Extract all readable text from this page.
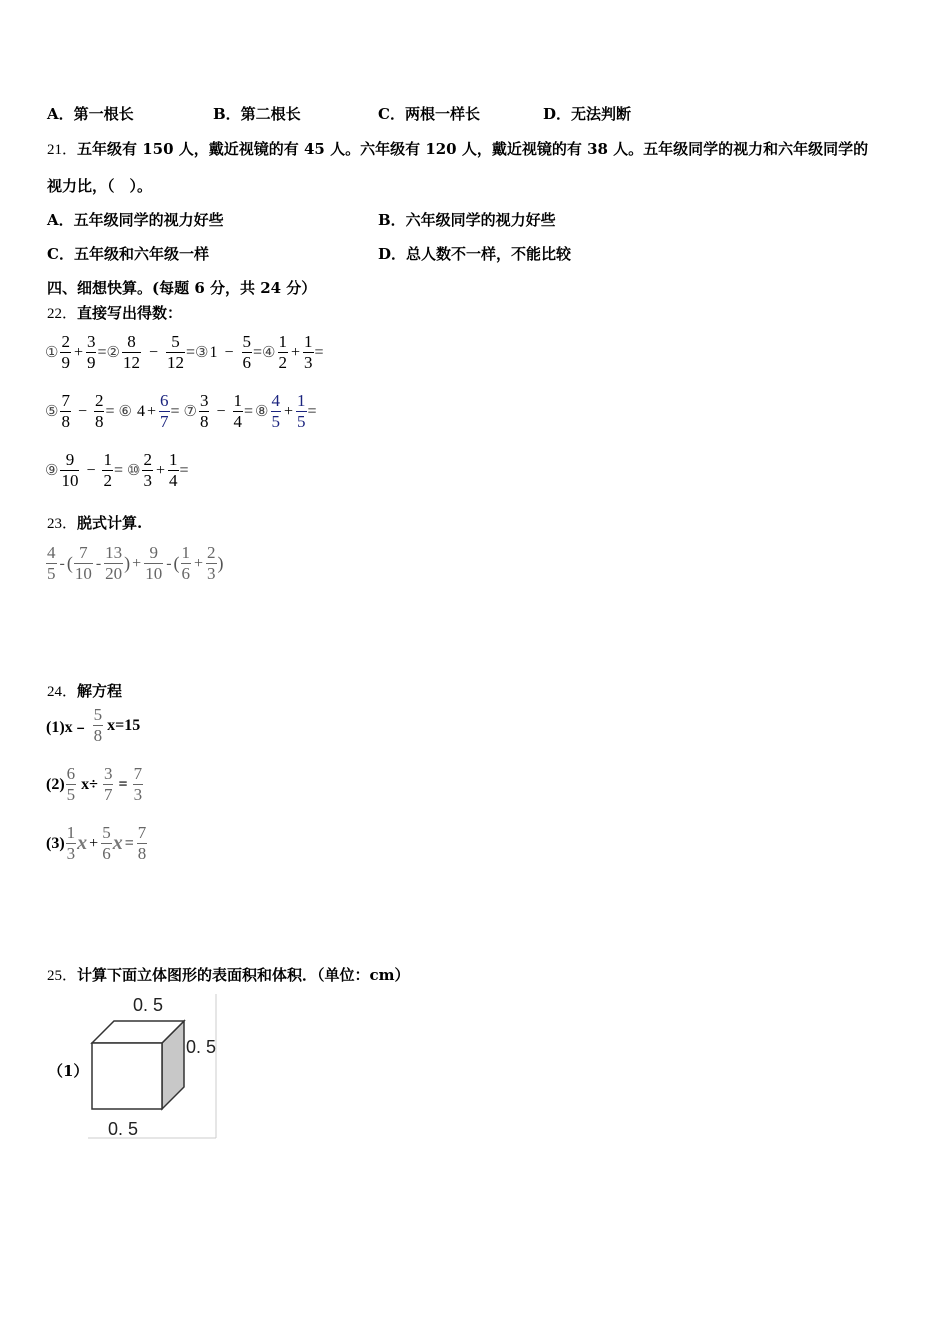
A．第一根长	B．第二根长	C．两根一样长	D．无法判断
21．五年级有 150 人，戴近视镜的有 45 人。六年级有 120 人，戴近视镜的有 38 人。五年级同学的视力和六年级同学的
视力比，（　）。
A．五年级同学的视力好些	B．六年级同学的视力好些
C．五年级和六年级一样	D．总人数不一样，不能比较
四、细想快算。(每题 6 分，共 24 分）
22．直接写出得数：
① $\frac{2}{9} + \frac{3}{9}$ = ② $\frac{8}{12} - \frac{5}{12}$ = ③ $1 - \frac{5}{6}$ = ④ $\frac{1}{2} + \frac{1}{3}$ =
⑤ $\frac{7}{8} - \frac{2}{8}$ = ⑥ $4 + \frac{6}{7}$ = ⑦ $\frac{3}{8} - \frac{1}{4}$ = ⑧ $\frac{4}{5} + \frac{1}{5}$ =
⑨ $\frac{9}{10} - \frac{1}{2}$ = ⑩ $\frac{2}{3} + \frac{1}{4}$ =
23．脱式计算.
$\frac{4}{5}$ - ( $\frac{7}{10} - \frac{13}{20}$ ) + $\frac{9}{10}$ - ( $\frac{1}{6} + \frac{2}{3}$ )
24．解方程
(1)x﹣ $\frac{5}{8} x=15$
$(2) \frac{6}{5} x\div \frac{3}{7} = \frac{7}{3}$
$(3) \frac{1}{3}$ $x + \frac{5}{6}$ $x = \frac{7}{8}$
25．计算下面立体图形的表面积和体积．（单位：cm）
（1）
0. 5
0. 5
0. 5
